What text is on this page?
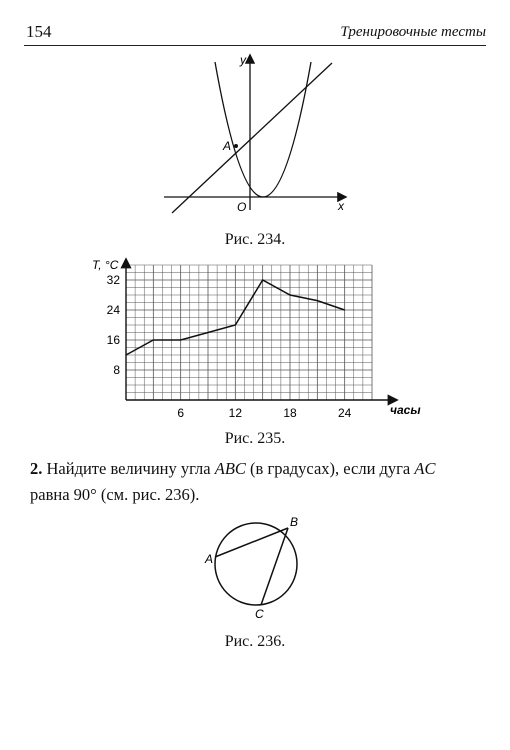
154	Тренировочные тесты
y
x
O
A
Рис. 234.
6	12	18	24
8
16
24
32
T, °C
часы
Рис. 235.
2. Найдите величину угла ABC (в градусах), если дуга AC
равна 90° (см. рис. 236).
A
B
C
Рис. 236.
